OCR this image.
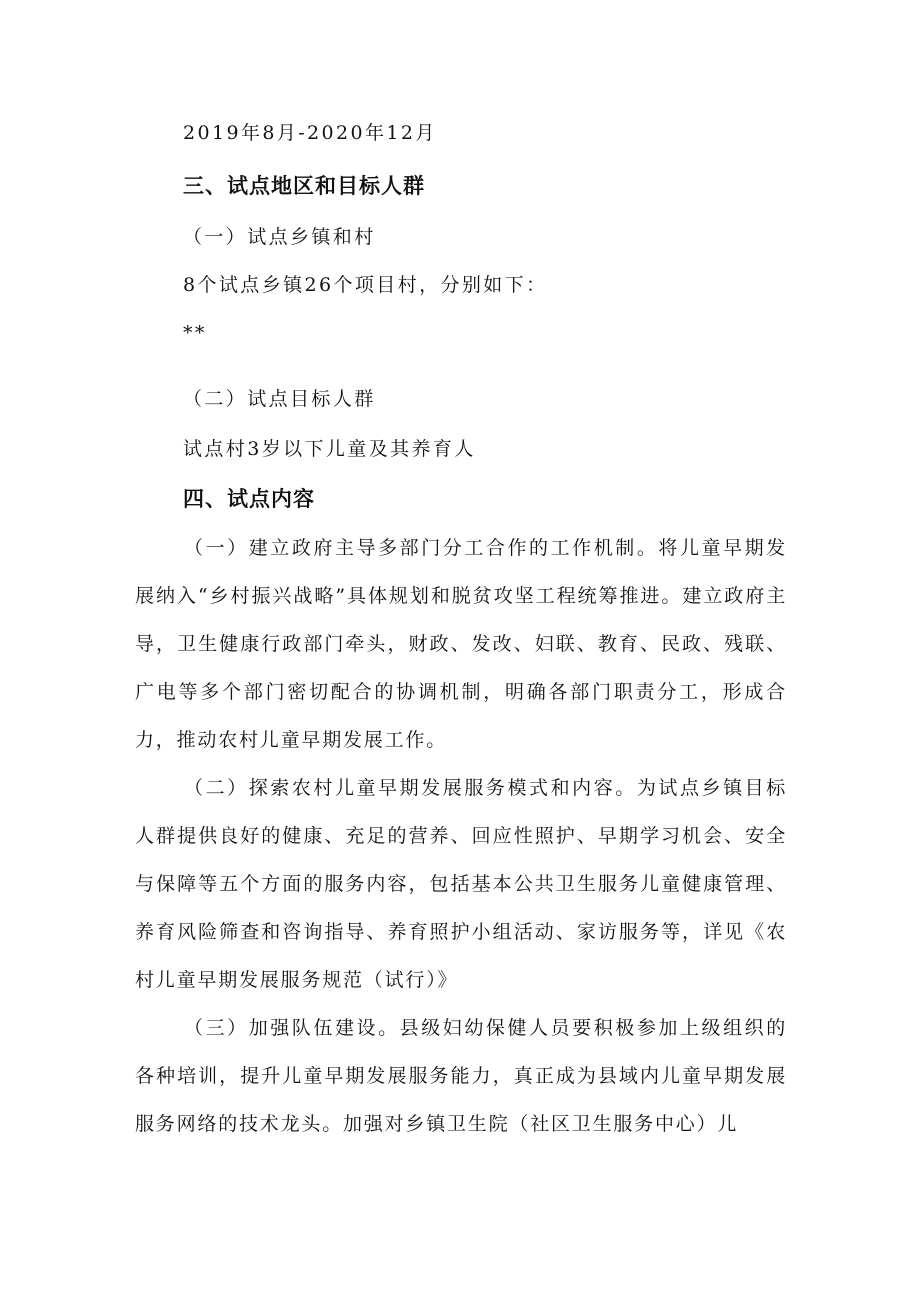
2019年8月-2020年12月
三、试点地区和目标人群
（一）试点乡镇和村
8个试点乡镇26个项目村，分别如下：
**
（二）试点目标人群
试点村3岁以下儿童及其养育人
四、试点内容

（一）建立政府主导多部门分工合作的工作机制。将儿童早期发展纳入“乡村振兴战略”具体规划和脱贫攻坚工程统筹推进。建立政府主导，卫生健康行政部门牵头，财政、发改、妇联、教育、民政、残联、广电等多个部门密切配合的协调机制，明确各部门职责分工，形成合力，推动农村儿童早期发展工作。

（二）探索农村儿童早期发展服务模式和内容。为试点乡镇目标人群提供良好的健康、充足的营养、回应性照护、早期学习机会、安全与保障等五个方面的服务内容，包括基本公共卫生服务儿童健康管理、养育风险筛查和咨询指导、养育照护小组活动、家访服务等，详见《农村儿童早期发展服务规范（试行）》

（三）加强队伍建设。县级妇幼保健人员要积极参加上级组织的各种培训，提升儿童早期发展服务能力，真正成为县域内儿童早期发展服务网络的技术龙头。加强对乡镇卫生院（社区卫生服务中心）儿
